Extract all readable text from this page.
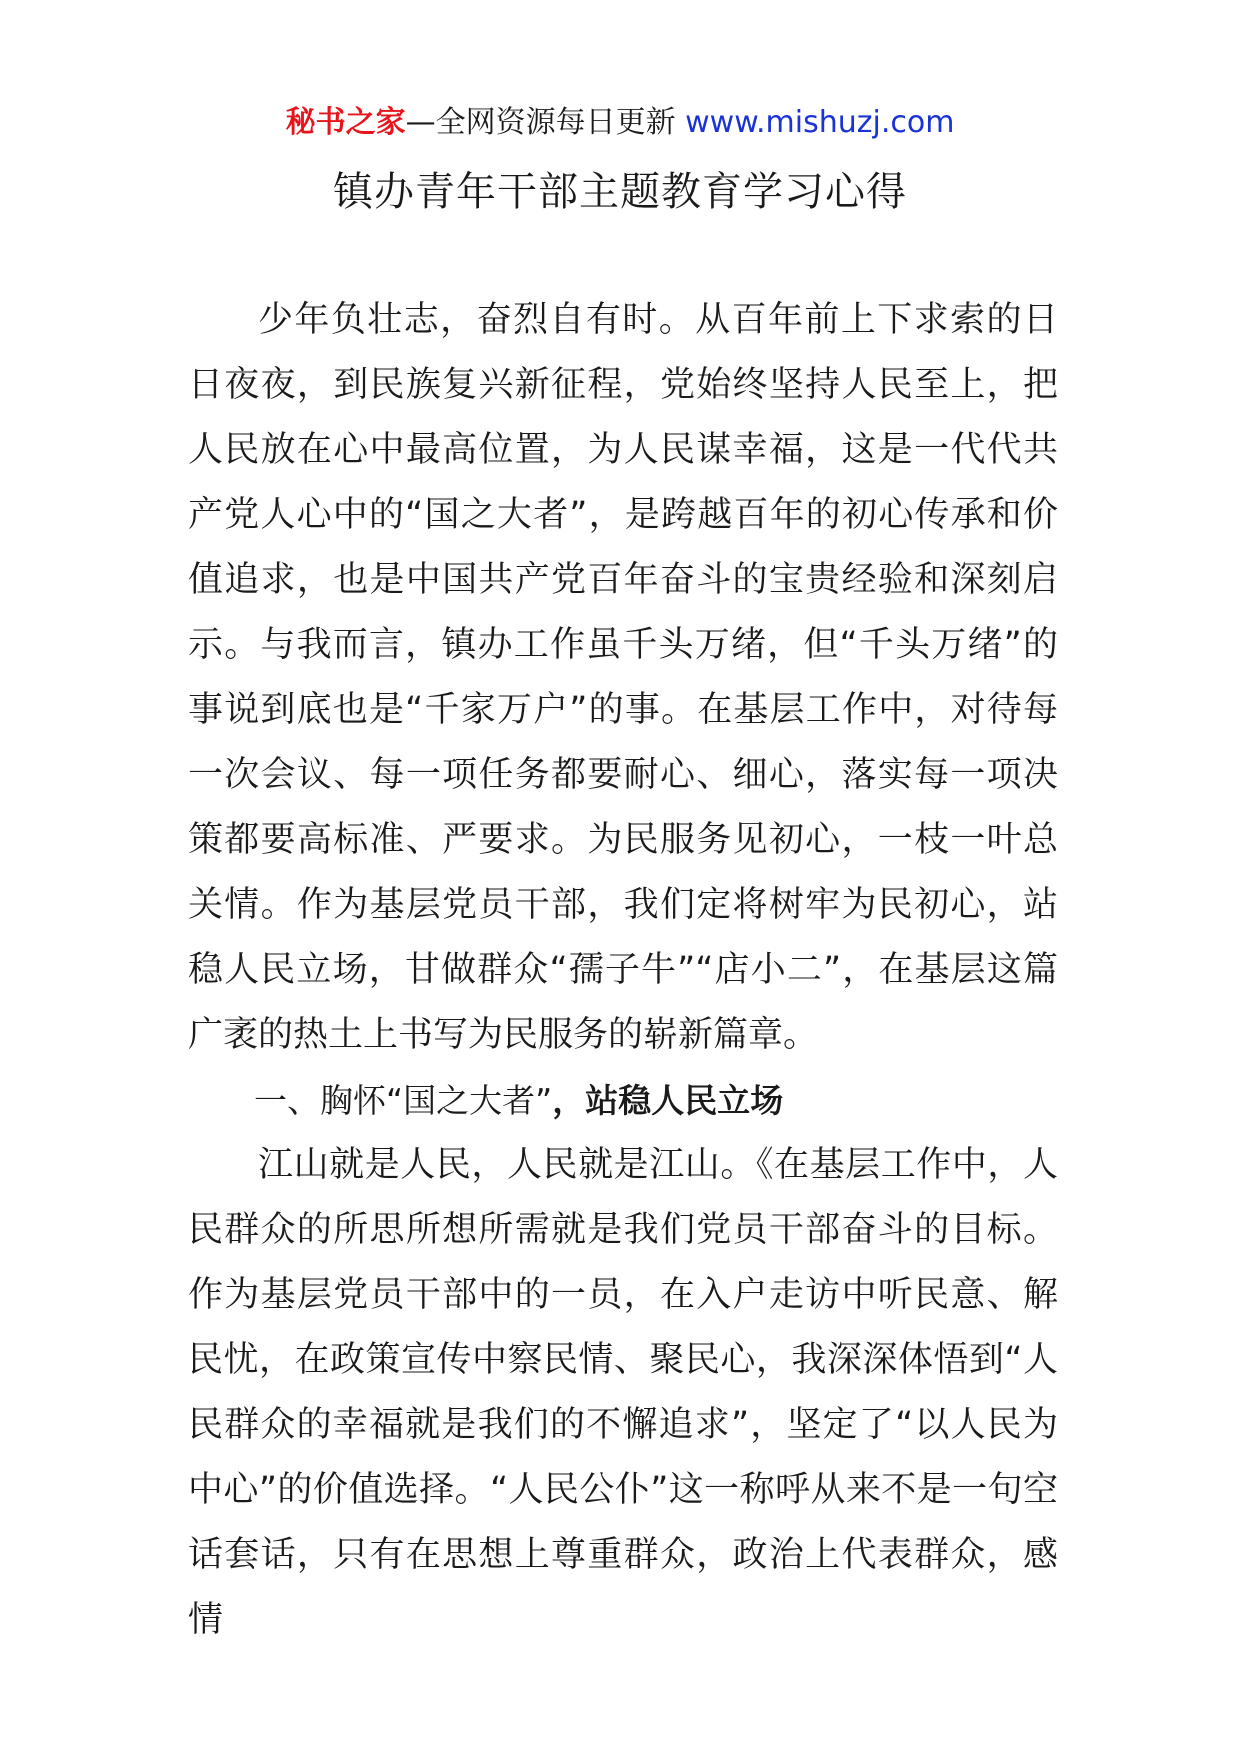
秘书之家—全网资源每日更新 www.mishuzj.com
镇办青年干部主题教育学习心得

少年负壮志，奋烈自有时。从百年前上下求索的日日夜夜，到民族复兴新征程，党始终坚持人民至上，把人民放在心中最高位置，为人民谋幸福，这是一代代共产党人心中的“国之大者”，是跨越百年的初心传承和价值追求，也是中国共产党百年奋斗的宝贵经验和深刻启示。与我而言，镇办工作虽千头万绪，但“千头万绪”的事说到底也是“千家万户”的事。在基层工作中，对待每一次会议、每一项任务都要耐心、细心，落实每一项决策都要高标准、严要求。为民服务见初心，一枝一叶总关情。作为基层党员干部，我们定将树牢为民初心，站稳人民立场，甘做群众“孺子牛”“店小二”，在基层这篇广袤的热土上书写为民服务的崭新篇章。

一、胸怀“国之大者”，站稳人民立场

江山就是人民，人民就是江山。《在基层工作中，人民群众的所思所想所需就是我们党员干部奋斗的目标。作为基层党员干部中的一员，在入户走访中听民意、解民忧，在政策宣传中察民情、聚民心，我深深体悟到“人民群众的幸福就是我们的不懈追求”，坚定了“以人民为中心”的价值选择。“人民公仆”这一称呼从来不是一句空话套话，只有在思想上尊重群众，政治上代表群众，感情
